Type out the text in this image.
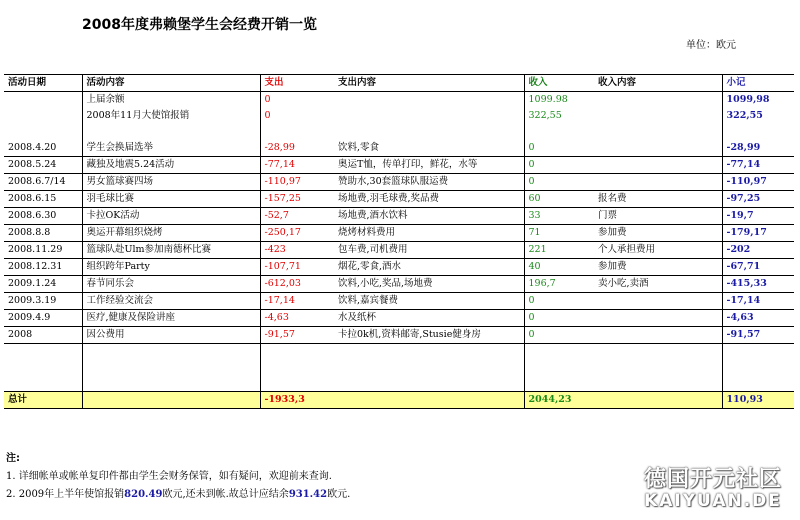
2008年度弗赖堡学生会经费开销一览
单位：欧元
活动日期	活动内容	支出	支出内容	收入	收入内容	小记
	上届余额	0		1099.98		1099,98
	2008年11月大使馆报销	0		322,55		322,55

2008.4.20	学生会换届选举	-28,99	饮料,零食	0		-28,99
2008.5.24	藏独及地震5.24活动	-77,14	奥运T恤，传单打印，鲜花，水等	0		-77,14
2008.6.7/14	男女篮球赛四场	-110,97	赞助水,30套篮球队服运费	0		-110,97
2008.6.15	羽毛球比赛	-157,25	场地费,羽毛球费,奖品费	60	报名费	-97,25
2008.6.30	卡拉OK活动	-52,7	场地费,酒水饮料	33	门票	-19,7
2008.8.8	奥运开幕组织烧烤	-250,17	烧烤材料费用	71	参加费	-179,17
2008.11.29	篮球队赴Ulm参加南德杯比赛	-423	包车费,司机费用	221	个人承担费用	-202
2008.12.31	组织跨年Party	-107,71	烟花,零食,酒水	40	参加费	-67,71
2009.1.24	春节同乐会	-612,03	饮料,小吃,奖品,场地费	196,7	卖小吃,卖酒	-415,33
2009.3.19	工作经验交流会	-17,14	饮料,嘉宾餐费	0		-17,14
2009.4.9	医疗,健康及保险讲座	-4,63	水及纸杯	0		-4,63
2008	因公费用	-91,57	卡拉0k机,资料邮寄,Stusie健身房	0		-91,57

总计		-1933,3		2044,23		110,93
注:
1. 详细帐单或帐单复印件都由学生会财务保管，如有疑问，欢迎前来查询.
2. 2009年上半年使馆报销820.49欧元,还未到帐.故总计应结余931.42欧元.
德国开元社区
KAIYUAN.DE
